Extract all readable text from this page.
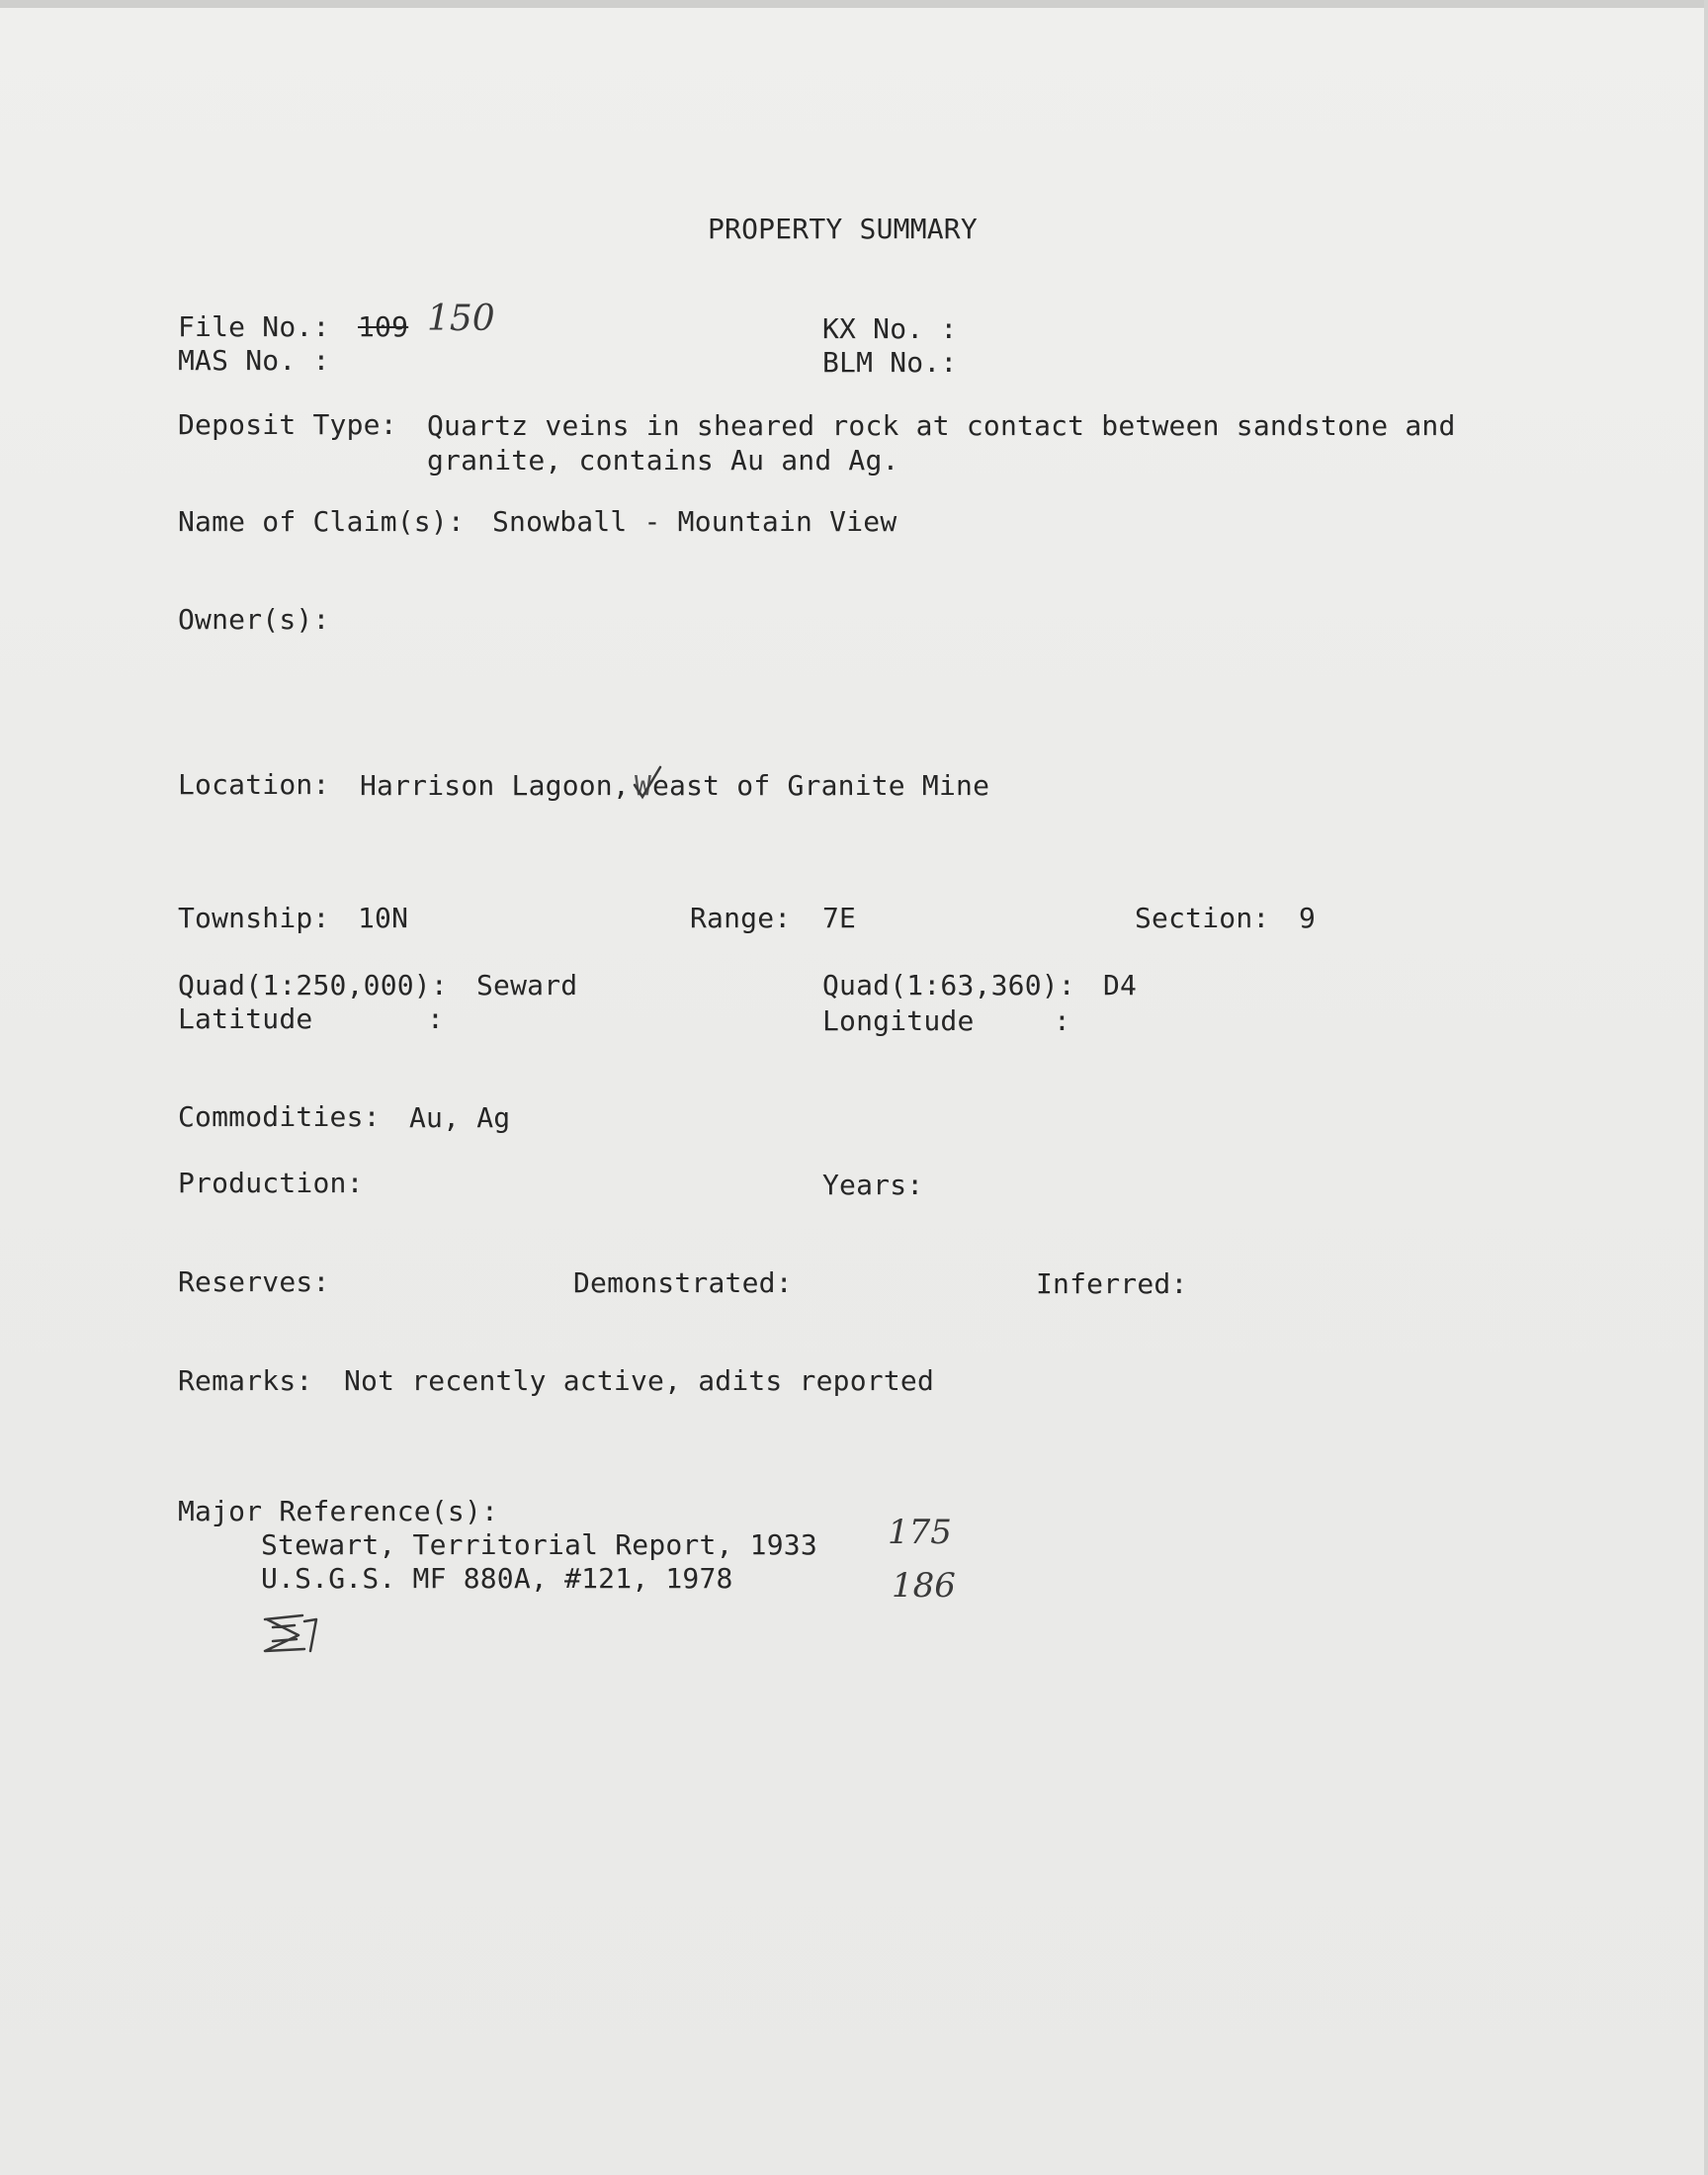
PROPERTY SUMMARY
File No.: 109 150	KX No. :
MAS No. :	BLM No.:
Deposit Type: Quartz veins in sheared rock at contact between sandstone and
granite, contains Au and Ag.
Name of Claim(s): Snowball - Mountain View
Owner(s):
Location: Harrison Lagoon, W east of Granite Mine
Township: 10N	Range: 7E	Section: 9
Quad(1:250,000): Seward	Quad(1:63,360): D4
Latitude	:	Longitude	:
Commodities: Au, Ag
Production:	Years:
Reserves:	Demonstrated:	Inferred:
Remarks: Not recently active, adits reported
Major Reference(s):
Stewart, Territorial Report, 1933 175
U.S.G.S. MF 880A, #121, 1978	186
